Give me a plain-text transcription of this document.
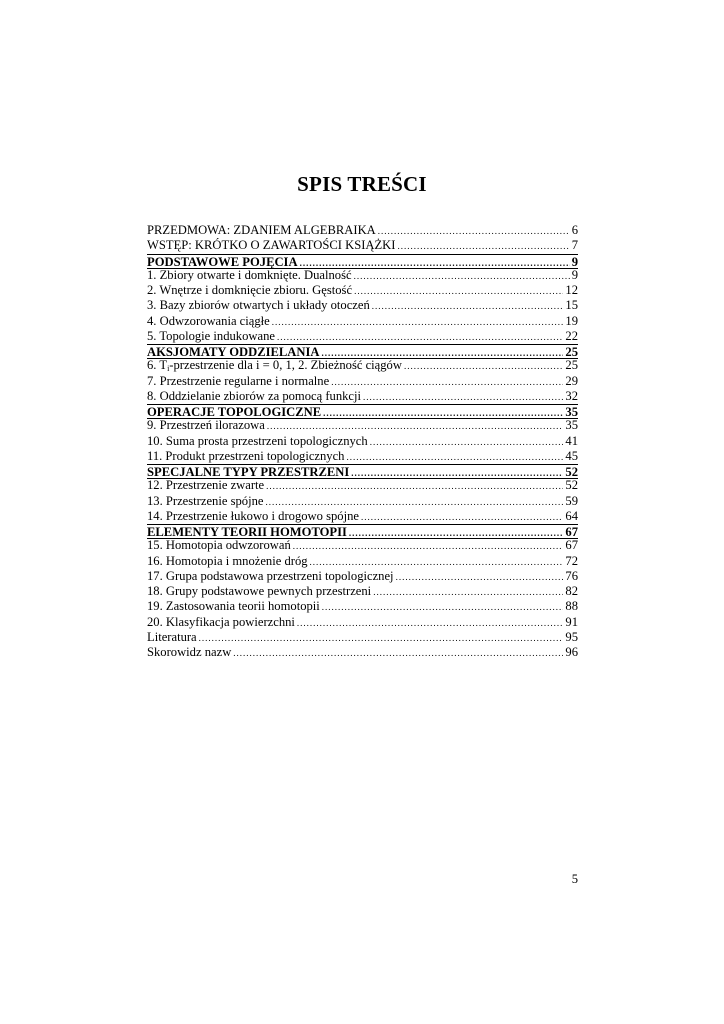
SPIS TREŚCI
PRZEDMOWA: ZDANIEM ALGEBRAIKA .....	6
WSTĘP: KRÓTKO O ZAWARTOŚCI KSIĄŻKI .....	7
PODSTAWOWE POJĘCIA .....	9
1. Zbiory otwarte i domknięte. Dualność .....	9
2. Wnętrze i domknięcie zbioru. Gęstość .....	12
3. Bazy zbiorów otwartych i układy otoczeń .....	15
4. Odwzorowania ciągłe .....	19
5. Topologie indukowane .....	22
AKSJOMATY ODDZIELANIA .....	25
6. $T_i$-przestrzenie dla i = 0, 1, 2. Zbieżność ciągów .....	25
7. Przestrzenie regularne i normalne .....	29
8. Oddzielanie zbiorów za pomocą funkcji .....	32
OPERACJE TOPOLOGICZNE .....	35
9. Przestrzeń ilorazowa .....	35
10. Suma prosta przestrzeni topologicznych .....	41
11. Produkt przestrzeni topologicznych .....	45
SPECJALNE TYPY PRZESTRZENI .....	52
12. Przestrzenie zwarte .....	52
13. Przestrzenie spójne .....	59
14. Przestrzenie łukowo i drogowo spójne .....	64
ELEMENTY TEORII HOMOTOPII .....	67
15. Homotopia odwzorowań .....	67
16. Homotopia i mnożenie dróg .....	72
17. Grupa podstawowa przestrzeni topologicznej .....	76
18. Grupy podstawowe pewnych przestrzeni .....	82
19. Zastosowania teorii homotopii .....	88
20. Klasyfikacja powierzchni .....	91
Literatura .....	95
Skorowidz nazw .....	96
5
